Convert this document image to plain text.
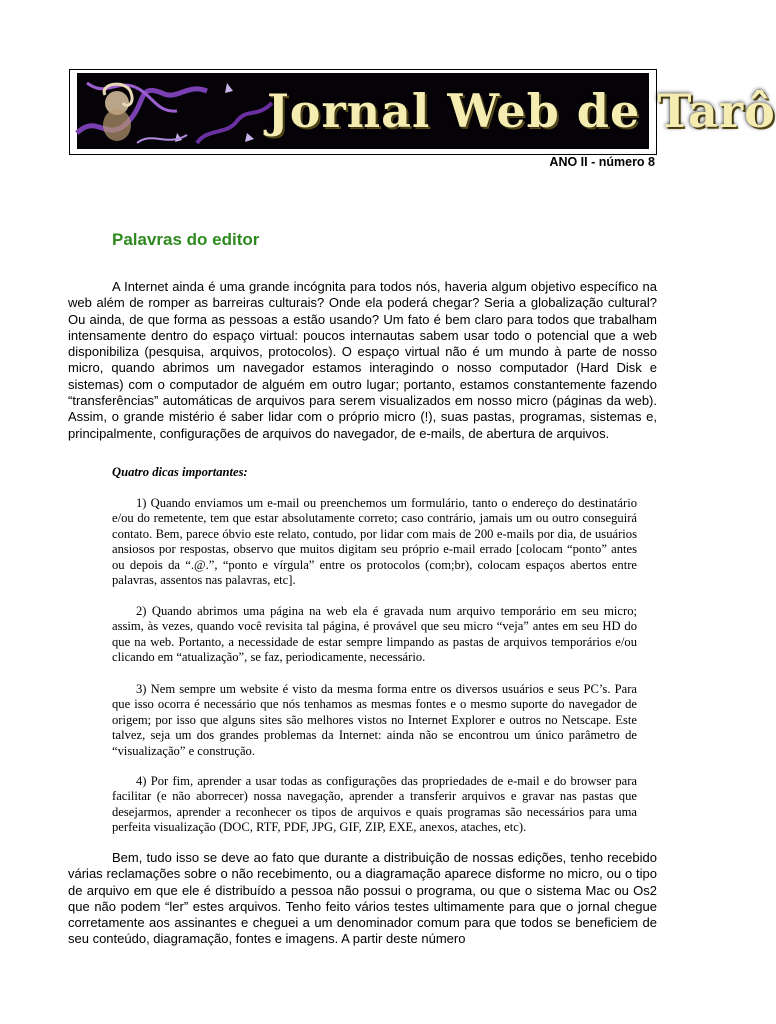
Jornal Web de Tarô
ANO II - número 8
Palavras do editor

A Internet ainda é uma grande incógnita para todos nós, haveria algum objetivo específico na web além de romper as barreiras culturais? Onde ela poderá chegar? Seria a globalização cultural? Ou ainda, de que forma as pessoas a estão usando? Um fato é bem claro para todos que trabalham intensamente dentro do espaço virtual: poucos internautas sabem usar todo o potencial que a web disponibiliza (pesquisa, arquivos, protocolos). O espaço virtual não é um mundo à parte de nosso micro, quando abrimos um navegador estamos interagindo o nosso computador (Hard Disk e sistemas) com o computador de alguém em outro lugar; portanto, estamos constantemente fazendo “transferências” automáticas de arquivos para serem visualizados em nosso micro (páginas da web). Assim, o grande mistério é saber lidar com o próprio micro (!), suas pastas, programas, sistemas e, principalmente, configurações de arquivos do navegador, de e-mails, de abertura de arquivos.

Quatro dicas importantes:

1) Quando enviamos um e-mail ou preenchemos um formulário, tanto o endereço do destinatário e/ou do remetente, tem que estar absolutamente correto; caso contrário, jamais um ou outro conseguirá contato. Bem, parece óbvio este relato, contudo, por lidar com mais de 200 e-mails por dia, de usuários ansiosos por respostas, observo que muitos digitam seu próprio e-mail errado [colocam “ponto” antes ou depois da “.@.”, “ponto e vírgula” entre os protocolos (com;br), colocam espaços abertos entre palavras, assentos nas palavras, etc].

2) Quando abrimos uma página na web ela é gravada num arquivo temporário em seu micro; assim, às vezes, quando você revisita tal página, é provável que seu micro “veja” antes em seu HD do que na web. Portanto, a necessidade de estar sempre limpando as pastas de arquivos temporários e/ou clicando em “atualização”, se faz, periodicamente, necessário.

3) Nem sempre um website é visto da mesma forma entre os diversos usuários e seus PC’s. Para que isso ocorra é necessário que nós tenhamos as mesmas fontes e o mesmo suporte do navegador de origem; por isso que alguns sites são melhores vistos no Internet Explorer e outros no Netscape. Este talvez, seja um dos grandes problemas da Internet: ainda não se encontrou um único parâmetro de “visualização” e construção.

4) Por fim, aprender a usar todas as configurações das propriedades de e-mail e do browser para facilitar (e não aborrecer) nossa navegação, aprender a transferir arquivos e gravar nas pastas que desejarmos, aprender a reconhecer os tipos de arquivos e quais programas são necessários para uma perfeita visualização (DOC, RTF, PDF, JPG, GIF, ZIP, EXE, anexos, ataches, etc).

Bem, tudo isso se deve ao fato que durante a distribuição de nossas edições, tenho recebido várias reclamações sobre o não recebimento, ou a diagramação aparece disforme no micro, ou o tipo de arquivo em que ele é distribuído a pessoa não possui o programa, ou que o sistema Mac ou Os2 que não podem “ler” estes arquivos. Tenho feito vários testes ultimamente para que o jornal chegue corretamente aos assinantes e cheguei a um denominador comum para que todos se beneficiem de seu conteúdo, diagramação, fontes e imagens. A partir deste número
